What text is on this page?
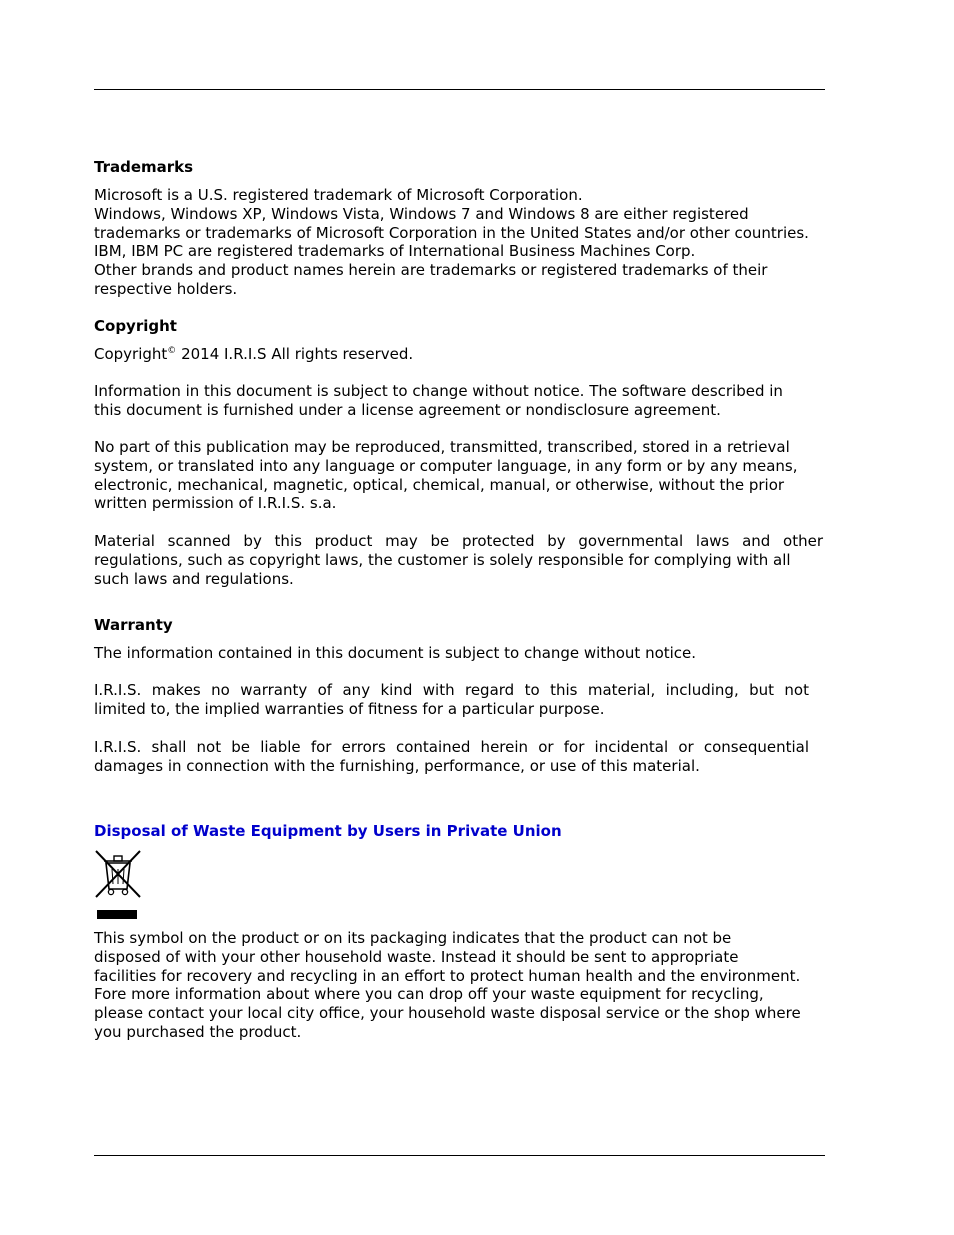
Trademarks
Microsoft is a U.S. registered trademark of Microsoft Corporation.
Windows, Windows XP, Windows Vista, Windows 7 and Windows 8 are either registered
trademarks or trademarks of Microsoft Corporation in the United States and/or other countries.
IBM, IBM PC are registered trademarks of International Business Machines Corp.
Other brands and product names herein are trademarks or registered trademarks of their
respective holders.
Copyright
Copyright© 2014 I.R.I.S All rights reserved.
Information in this document is subject to change without notice. The software described in
this document is furnished under a license agreement or nondisclosure agreement.
No part of this publication may be reproduced, transmitted, transcribed, stored in a retrieval
system, or translated into any language or computer language, in any form or by any means,
electronic, mechanical, magnetic, optical, chemical, manual, or otherwise, without the prior
written permission of I.R.I.S. s.a.
Material scanned by this product may be protected by governmental laws and other
regulations, such as copyright laws, the customer is solely responsible for complying with all
such laws and regulations.
Warranty
The information contained in this document is subject to change without notice.
I.R.I.S. makes no warranty of any kind with regard to this material, including, but not
limited to, the implied warranties of fitness for a particular purpose.
I.R.I.S. shall not be liable for errors contained herein or for incidental or consequential
damages in connection with the furnishing, performance, or use of this material.
Disposal of Waste Equipment by Users in Private Union
This symbol on the product or on its packaging indicates that the product can not be
disposed of with your other household waste. Instead it should be sent to appropriate
facilities for recovery and recycling in an effort to protect human health and the environment.
Fore more information about where you can drop off your waste equipment for recycling,
please contact your local city office, your household waste disposal service or the shop where
you purchased the product.
